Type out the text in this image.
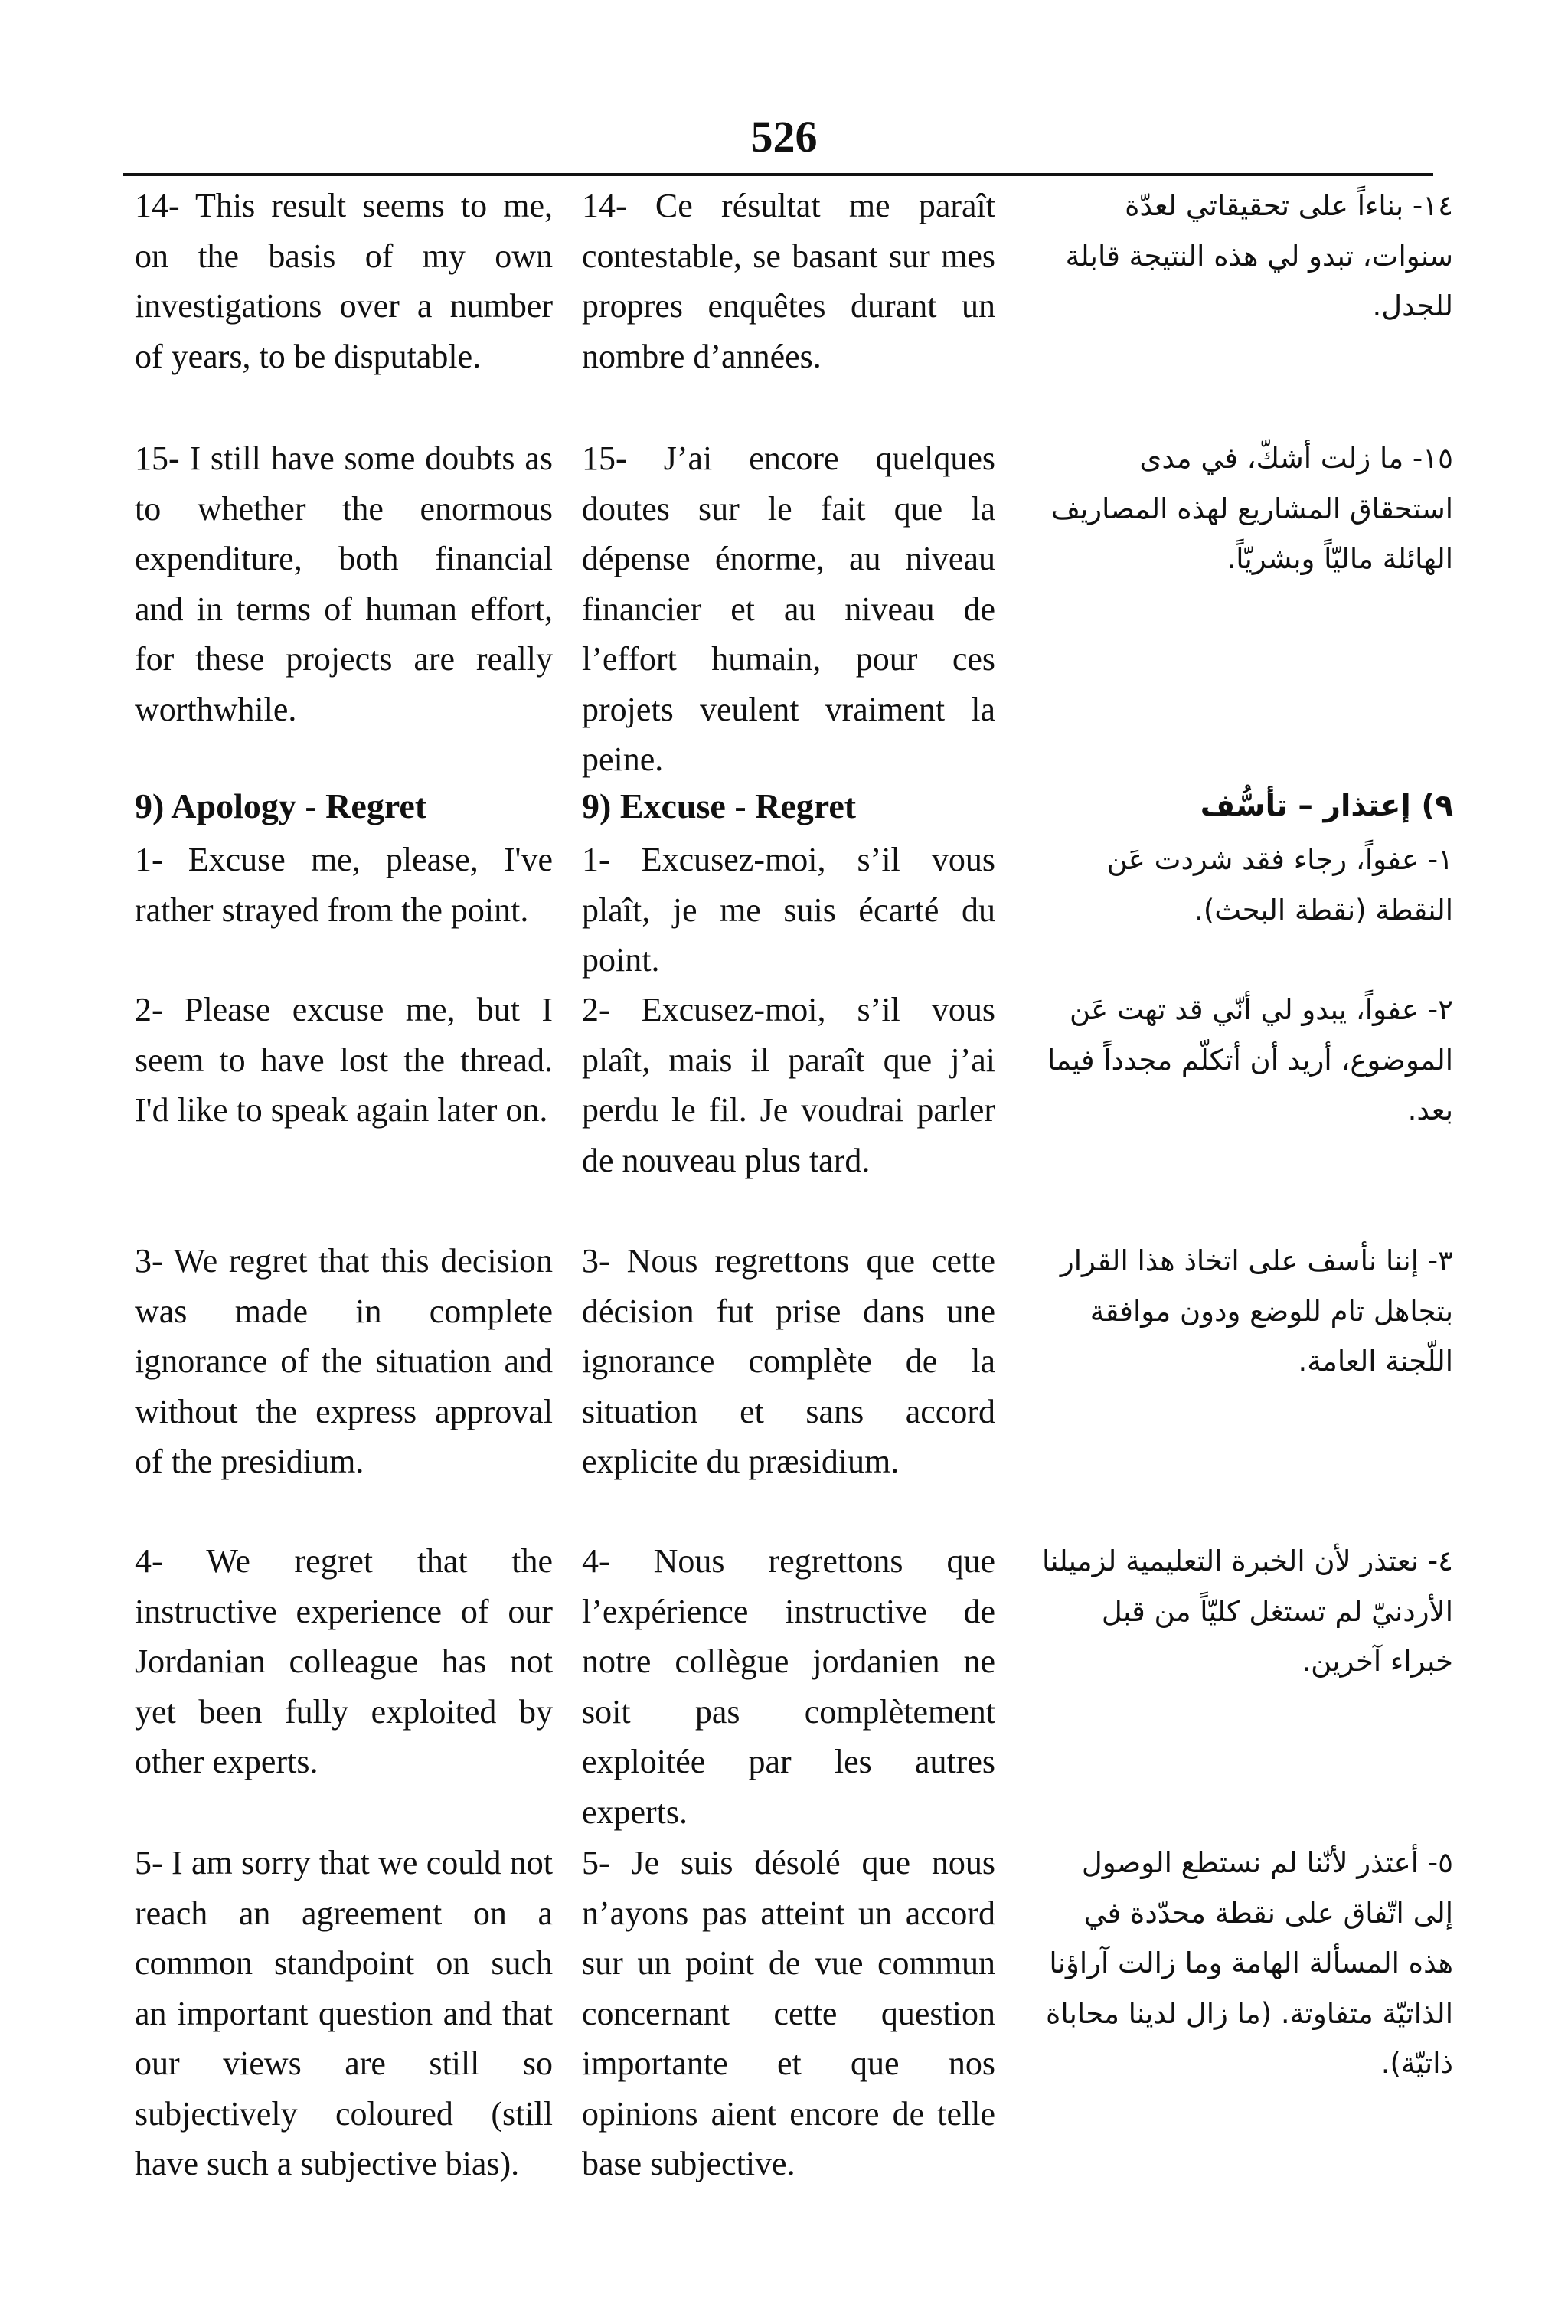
526
14- This result seems to me, on the basis of my own investigations over a number of years, to be disputable.
14- Ce résultat me paraît contestable, se basant sur mes propres enquêtes durant un nombre d’années.
١٤- بناءاً على تحقيقاتي لعدّة سنوات، تبدو لي هذه النتيجة قابلة للجدل.
15- I still have some doubts as to whether the enormous expenditure, both financial and in terms of human effort, for these projects are really worthwhile.
15- J’ai encore quelques doutes sur le fait que la dépense énorme, au niveau financier et au niveau de l’effort humain, pour ces projets veulent vraiment la peine.
١٥- ما زلت أشكّ، في مدى استحقاق المشاريع لهذه المصاريف الهائلة ماليّاً وبشريّاً.
9) Apology - Regret	9) Excuse - Regret	٩) إعتذار – تأسُّف
1- Excuse me, please, I've rather strayed from the point.
1- Excusez-moi, s’il vous plaît, je me suis écarté du point.
١- عفواً، رجاء فقد شردت عَن النقطة (نقطة البحث).
2- Please excuse me, but I seem to have lost the thread. I'd like to speak again later on.
2- Excusez-moi, s’il vous plaît, mais il paraît que j’ai perdu le fil. Je voudrai parler de nouveau plus tard.
٢- عفواً، يبدو لي أنّي قد تهت عَن الموضوع، أريد أن أتكلّم مجدداً فيما بعد.
3- We regret that this decision was made in complete ignorance of the situation and without the express approval of the presidium.
3- Nous regrettons que cette décision fut prise dans une ignorance complète de la situation et sans accord explicite du præsidium.
٣- إننا نأسف على اتخاذ هذا القرار بتجاهل تام للوضع ودون موافقة اللّجنة العامة.
4- We regret that the instructive experience of our Jordanian colleague has not yet been fully exploited by other experts.
4- Nous regrettons que l’expérience instructive de notre collègue jordanien ne soit pas complètement exploitée par les autres experts.
٤- نعتذر لأن الخبرة التعليمية لزميلنا الأردنيّ لم تستغل كليّاً من قبل خبراء آخرين.
5- I am sorry that we could not reach an agreement on a common standpoint on such an important question and that our views are still so subjectively coloured (still have such a subjective bias).
5- Je suis désolé que nous n’ayons pas atteint un accord sur un point de vue commun concernant cette question importante et que nos opinions aient encore de telle base subjective.
٥- أعتذر لأنّنا لم نستطع الوصول إلى اتّفاق على نقطة محدّدة في هذه المسألة الهامة وما زالت آراؤنا الذاتيّة متفاوتة. (ما زال لدينا محاباة ذاتيّة).
